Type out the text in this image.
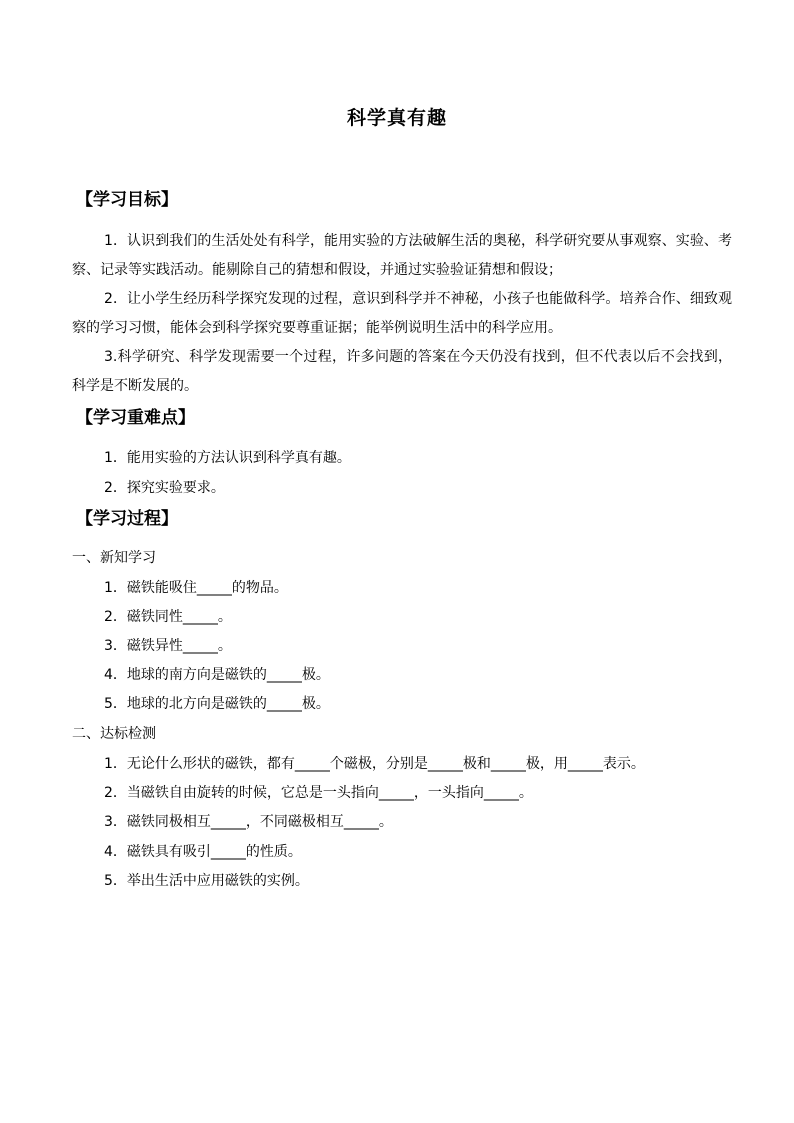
科学真有趣
【学习目标】
1．认识到我们的生活处处有科学，能用实验的方法破解生活的奥秘，科学研究要从事观察、实验、考察、记录等实践活动。能剔除自己的猜想和假设，并通过实验验证猜想和假设；
2．让小学生经历科学探究发现的过程，意识到科学并不神秘，小孩子也能做科学。培养合作、细致观察的学习习惯，能体会到科学探究要尊重证据；能举例说明生活中的科学应用。
3.科学研究、科学发现需要一个过程，许多问题的答案在今天仍没有找到，但不代表以后不会找到，科学是不断发展的。
【学习重难点】
1．能用实验的方法认识到科学真有趣。
2．探究实验要求。
【学习过程】
一、新知学习
1．磁铁能吸住_____的物品。
2．磁铁同性_____。
3．磁铁异性_____。
4．地球的南方向是磁铁的_____极。
5．地球的北方向是磁铁的_____极。
二、达标检测
1．无论什么形状的磁铁，都有_____个磁极，分别是_____极和_____极，用_____表示。
2．当磁铁自由旋转的时候，它总是一头指向_____，一头指向_____。
3．磁铁同极相互_____，不同磁极相互_____。
4．磁铁具有吸引_____的性质。
5．举出生活中应用磁铁的实例。
